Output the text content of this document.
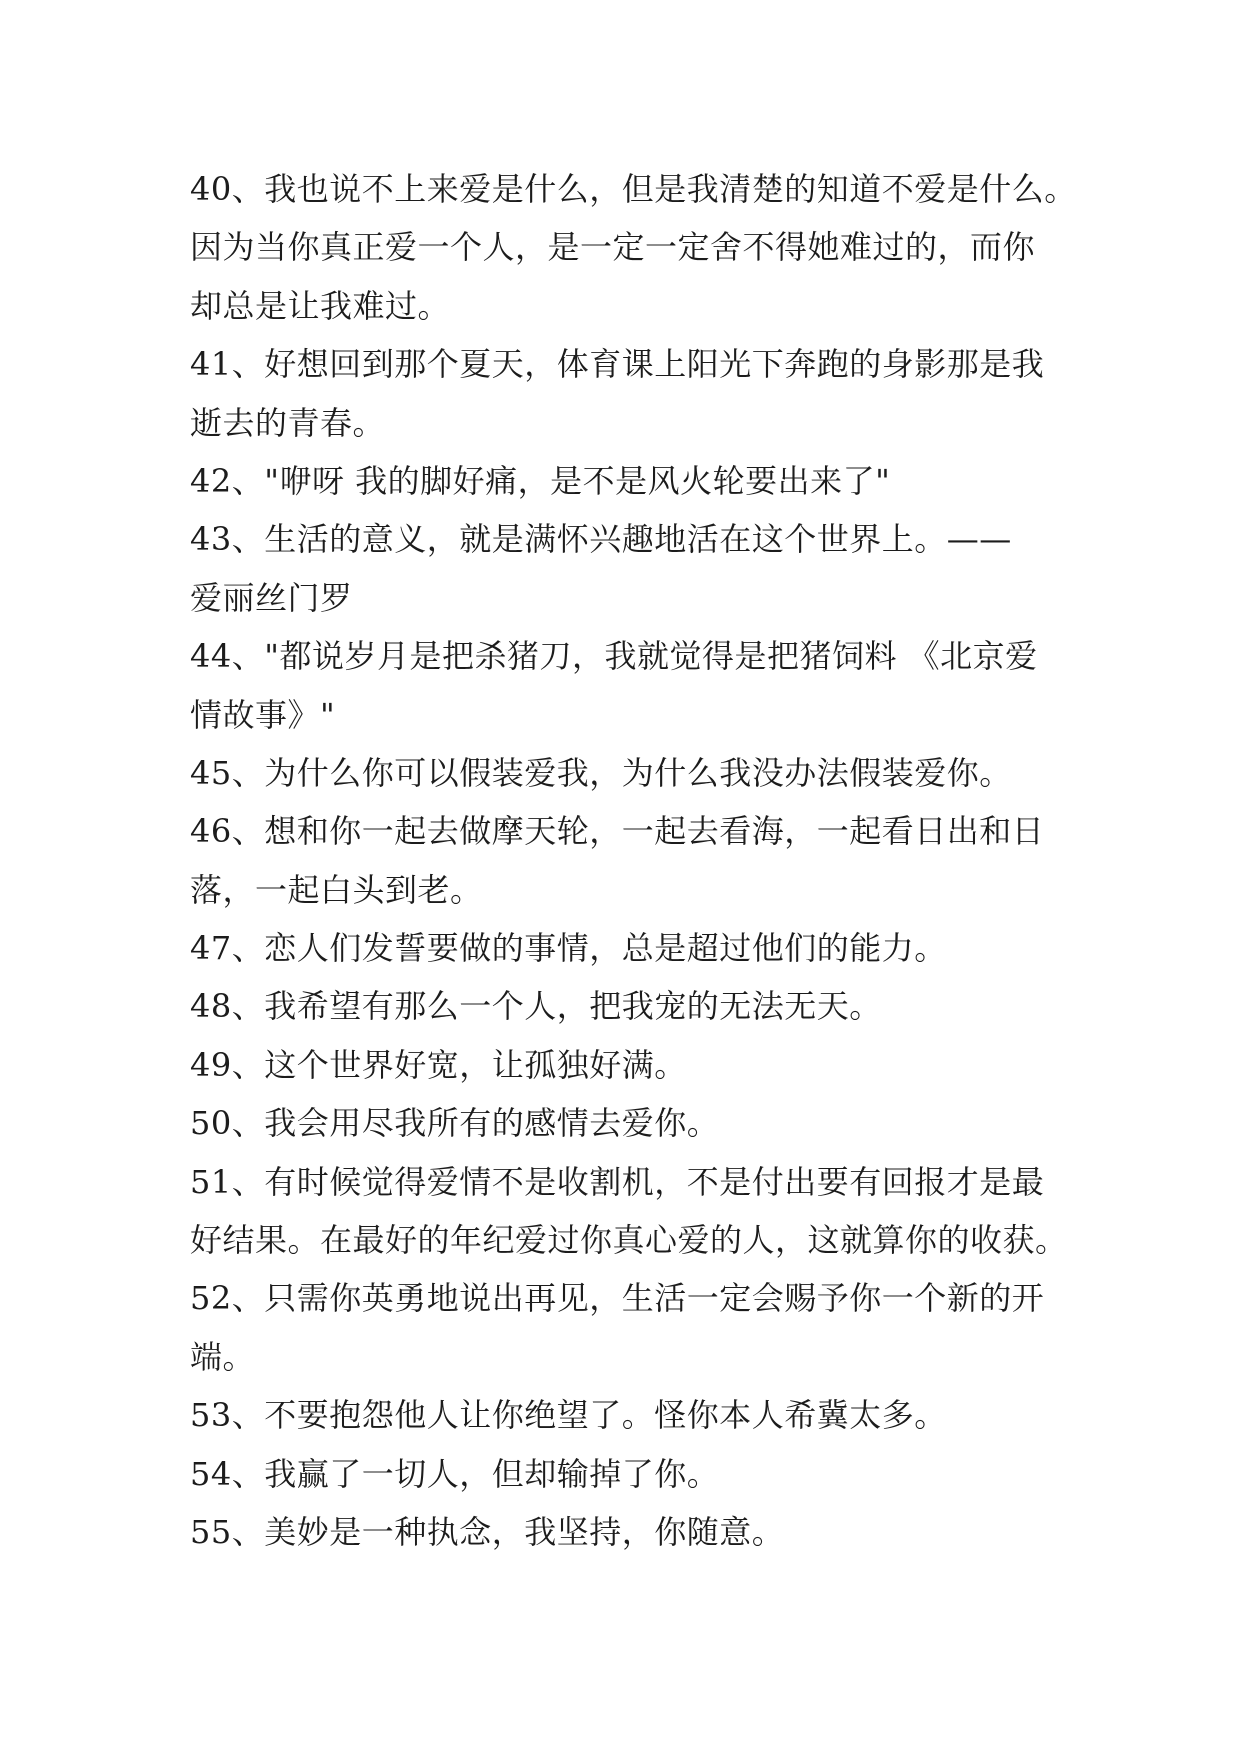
40、我也说不上来爱是什么，但是我清楚的知道不爱是什么。
因为当你真正爱一个人，是一定一定舍不得她难过的，而你
却总是让我难过。
41、好想回到那个夏天，体育课上阳光下奔跑的身影那是我
逝去的青春。
42、"咿呀 我的脚好痛，是不是风火轮要出来了"
43、生活的意义，就是满怀兴趣地活在这个世界上。——
爱丽丝门罗
44、"都说岁月是把杀猪刀，我就觉得是把猪饲料 《北京爱
情故事》"
45、为什么你可以假装爱我，为什么我没办法假装爱你。
46、想和你一起去做摩天轮，一起去看海，一起看日出和日
落，一起白头到老。
47、恋人们发誓要做的事情，总是超过他们的能力。
48、我希望有那么一个人，把我宠的无法无天。
49、这个世界好宽，让孤独好满。
50、我会用尽我所有的感情去爱你。
51、有时候觉得爱情不是收割机，不是付出要有回报才是最
好结果。在最好的年纪爱过你真心爱的人，这就算你的收获。
52、只需你英勇地说出再见，生活一定会赐予你一个新的开
端。
53、不要抱怨他人让你绝望了。怪你本人希冀太多。
54、我赢了一切人，但却输掉了你。
55、美妙是一种执念，我坚持，你随意。
